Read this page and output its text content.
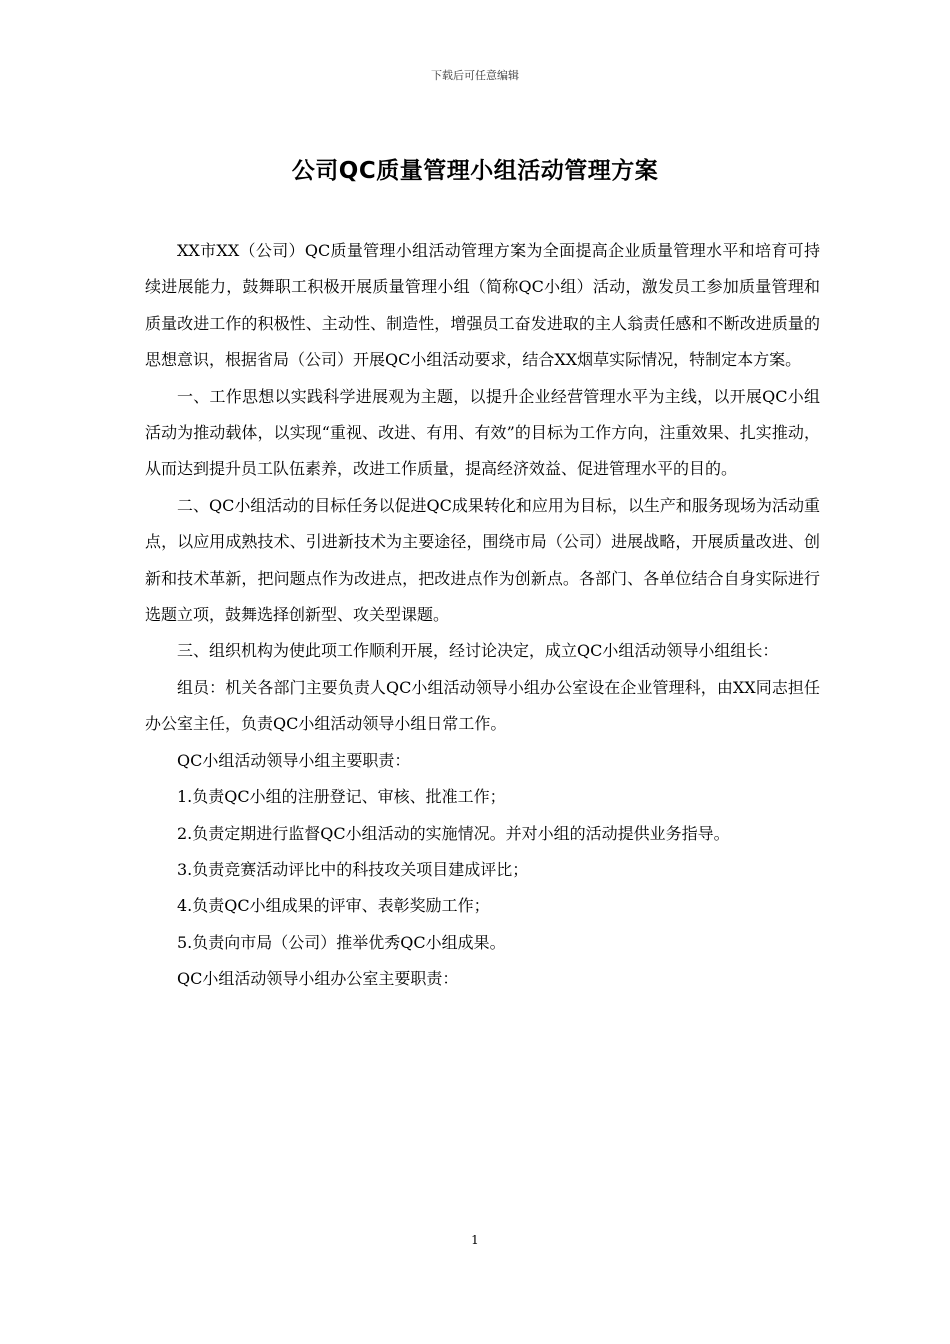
下载后可任意编辑
公司QC质量管理小组活动管理方案

XX市XX（公司）QC质量管理小组活动管理方案为全面提高企业质量管理水平和培育可持续进展能力，鼓舞职工积极开展质量管理小组（简称QC小组）活动，激发员工参加质量管理和质量改进工作的积极性、主动性、制造性，增强员工奋发进取的主人翁责任感和不断改进质量的思想意识，根据省局（公司）开展QC小组活动要求，结合XX烟草实际情况，特制定本方案。

一、工作思想以实践科学进展观为主题，以提升企业经营管理水平为主线，以开展QC小组活动为推动载体，以实现“重视、改进、有用、有效”的目标为工作方向，注重效果、扎实推动，从而达到提升员工队伍素养，改进工作质量，提高经济效益、促进管理水平的目的。

二、QC小组活动的目标任务以促进QC成果转化和应用为目标，以生产和服务现场为活动重点，以应用成熟技术、引进新技术为主要途径，围绕市局（公司）进展战略，开展质量改进、创新和技术革新，把问题点作为改进点，把改进点作为创新点。各部门、各单位结合自身实际进行选题立项，鼓舞选择创新型、攻关型课题。

三、组织机构为使此项工作顺利开展，经讨论决定，成立QC小组活动领导小组组长：

组员：机关各部门主要负责人QC小组活动领导小组办公室设在企业管理科，由XX同志担任办公室主任，负责QC小组活动领导小组日常工作。

QC小组活动领导小组主要职责：

1.负责QC小组的注册登记、审核、批准工作；

2.负责定期进行监督QC小组活动的实施情况。并对小组的活动提供业务指导。

3.负责竞赛活动评比中的科技攻关项目建成评比；

4.负责QC小组成果的评审、表彰奖励工作；

5.负责向市局（公司）推举优秀QC小组成果。

QC小组活动领导小组办公室主要职责：

1
